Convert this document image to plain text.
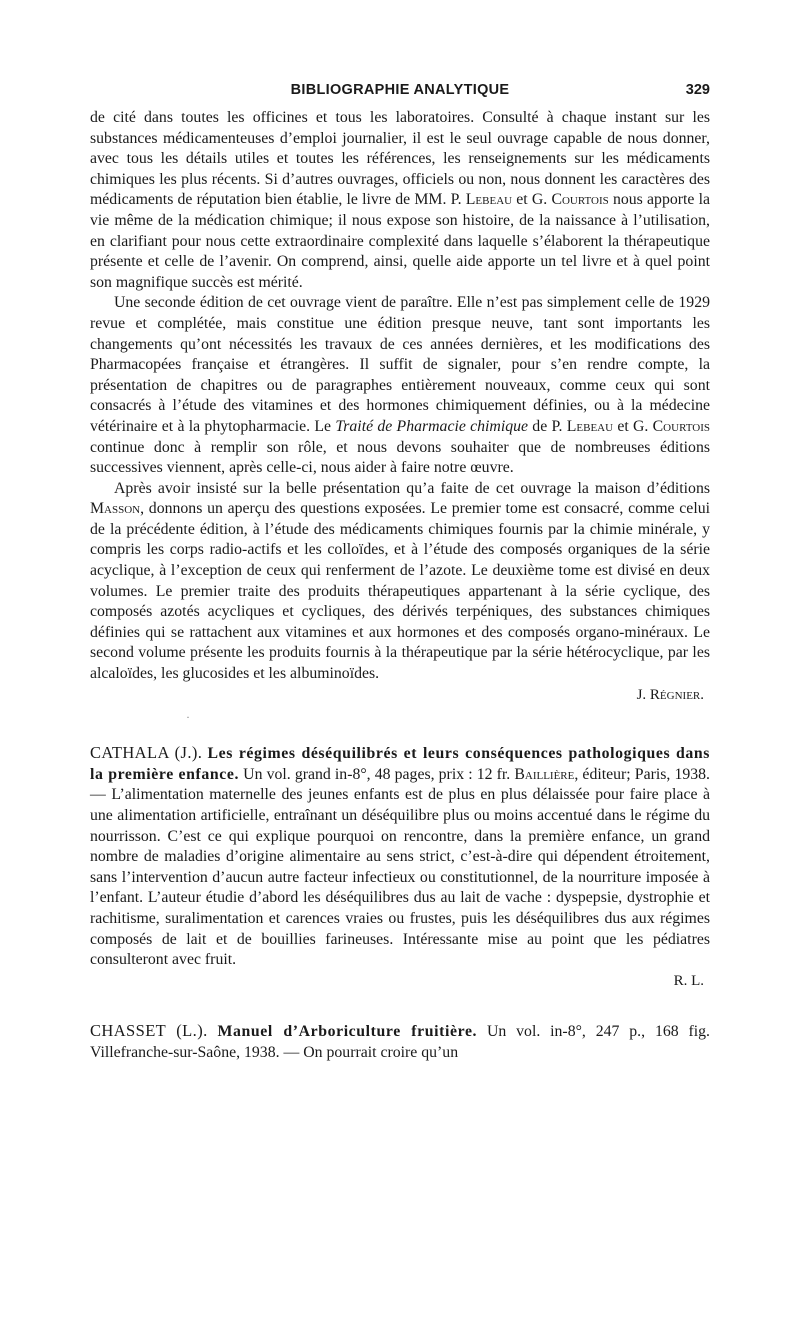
BIBLIOGRAPHIE ANALYTIQUE	329

de cité dans toutes les officines et tous les laboratoires. Consulté à chaque instant sur les substances médicamenteuses d’emploi journalier, il est le seul ouvrage capable de nous donner, avec tous les détails utiles et toutes les références, les renseignements sur les médicaments chimiques les plus récents. Si d’autres ouvrages, officiels ou non, nous donnent les caractères des médicaments de réputation bien établie, le livre de MM. P. Lebeau et G. Courtois nous apporte la vie même de la médication chimique; il nous expose son histoire, de la naissance à l’utilisation, en clarifiant pour nous cette extraordinaire complexité dans laquelle s’élaborent la thérapeutique présente et celle de l’avenir. On comprend, ainsi, quelle aide apporte un tel livre et à quel point son magnifique succès est mérité.

Une seconde édition de cet ouvrage vient de paraître. Elle n’est pas simplement celle de 1929 revue et complétée, mais constitue une édition presque neuve, tant sont importants les changements qu’ont nécessités les travaux de ces années dernières, et les modifications des Pharmacopées française et étrangères. Il suffit de signaler, pour s’en rendre compte, la présentation de chapitres ou de paragraphes entièrement nouveaux, comme ceux qui sont consacrés à l’étude des vitamines et des hormones chimiquement définies, ou à la médecine vétérinaire et à la phytopharmacie. Le Traité de Pharmacie chimique de P. Lebeau et G. Courtois continue donc à remplir son rôle, et nous devons souhaiter que de nombreuses éditions successives viennent, après celle-ci, nous aider à faire notre œuvre.

Après avoir insisté sur la belle présentation qu’a faite de cet ouvrage la maison d’éditions Masson, donnons un aperçu des questions exposées. Le premier tome est consacré, comme celui de la précédente édition, à l’étude des médicaments chimiques fournis par la chimie minérale, y compris les corps radio-actifs et les colloïdes, et à l’étude des composés organiques de la série acyclique, à l’exception de ceux qui renferment de l’azote. Le deuxième tome est divisé en deux volumes. Le premier traite des produits thérapeutiques appartenant à la série cyclique, des composés azotés acycliques et cycliques, des dérivés terpéniques, des substances chimiques définies qui se rattachent aux vitamines et aux hormones et des composés organo-minéraux. Le second volume présente les produits fournis à la thérapeutique par la série hétérocyclique, par les alcaloïdes, les glucosides et les albuminoïdes.

J. Régnier.
·

CATHALA (J.). Les régimes déséquilibrés et leurs conséquences pathologiques dans la première enfance. Un vol. grand in-8°, 48 pages, prix : 12 fr. Baillière, éditeur; Paris, 1938. — L’alimentation maternelle des jeunes enfants est de plus en plus délaissée pour faire place à une alimentation artificielle, entraînant un déséquilibre plus ou moins accentué dans le régime du nourrisson. C’est ce qui explique pourquoi on rencontre, dans la première enfance, un grand nombre de maladies d’origine alimentaire au sens strict, c’est-à-dire qui dépendent étroitement, sans l’intervention d’aucun autre facteur infectieux ou constitutionnel, de la nourriture imposée à l’enfant. L’auteur étudie d’abord les déséquilibres dus au lait de vache : dyspepsie, dystrophie et rachitisme, suralimentation et carences vraies ou frustes, puis les déséquilibres dus aux régimes composés de lait et de bouillies farineuses. Intéressante mise au point que les pédiatres consulteront avec fruit.

R. L.

CHASSET (L.). Manuel d’Arboriculture fruitière. Un vol. in-8°, 247 p., 168 fig. Villefranche-sur-Saône, 1938. — On pourrait croire qu’un
